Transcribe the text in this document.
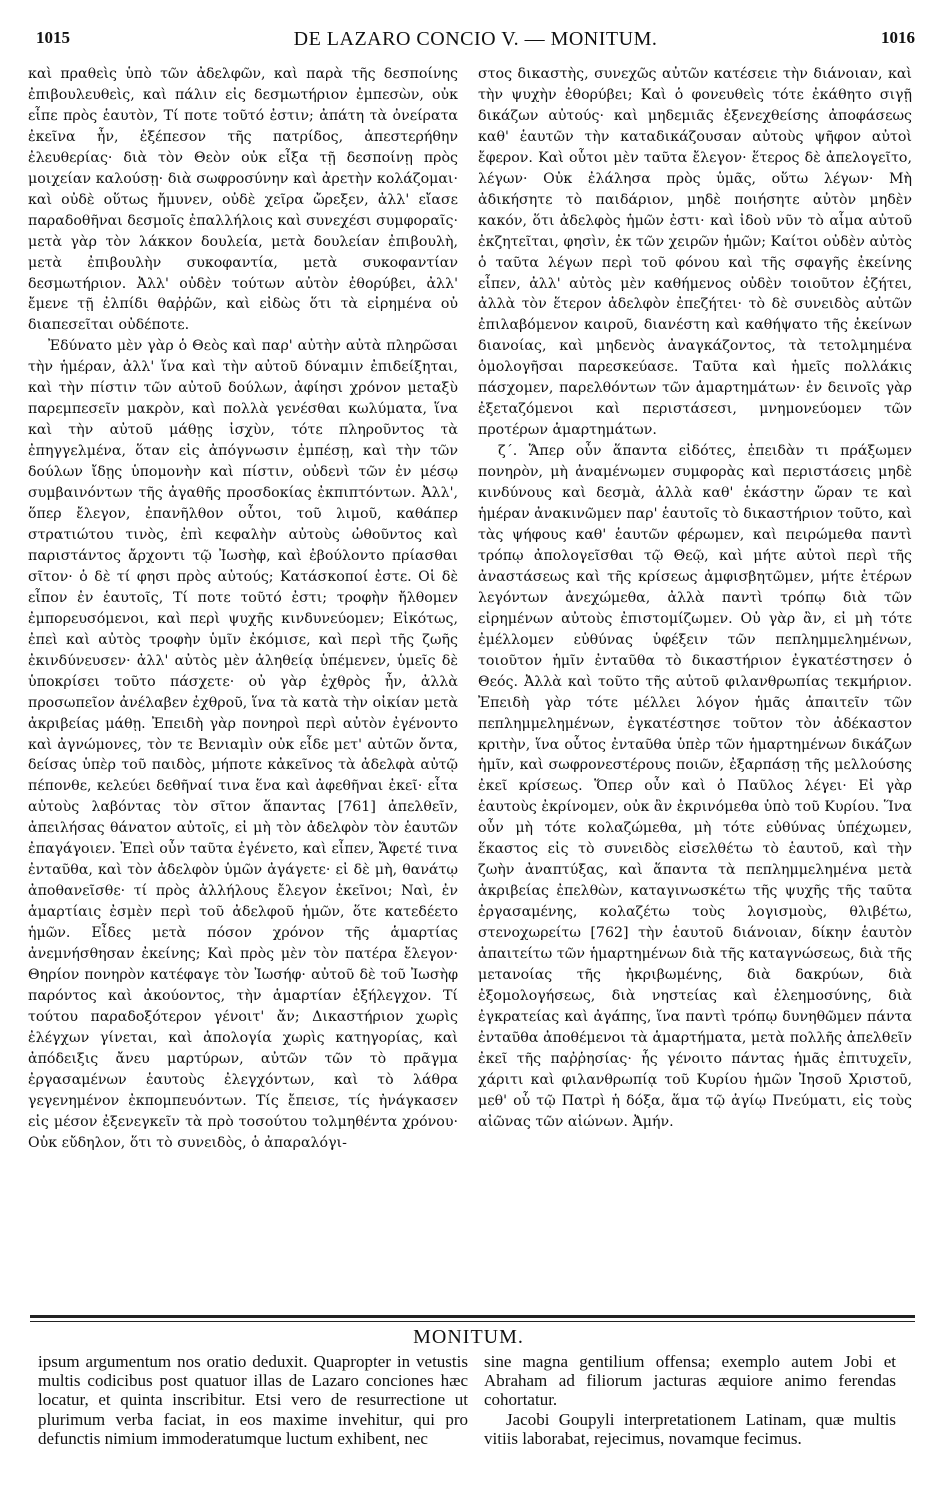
1015	DE LAZARO CONCIO V. — MONITUM.	1016

καὶ πραθεὶς ὑπὸ τῶν ἀδελφῶν, καὶ παρὰ τῆς δεσποίνης ἐπιβουλευθεὶς, καὶ πάλιν εἰς δεσμωτήριον ἐμπεσὼν, οὐκ εἶπε πρὸς ἑαυτὸν, Τί ποτε τοῦτό ἐστιν; ἀπάτη τὰ ὀνείρατα ἐκεῖνα ἦν, ἐξέπεσον τῆς πατρίδος, ἀπεστερήθην ἐλευθερίας· διὰ τὸν Θεὸν οὐκ εἶξα τῇ δεσποίνῃ πρὸς μοιχείαν καλούσῃ· διὰ σωφροσύνην καὶ ἀρετὴν κολάζομαι· καὶ οὐδὲ οὕτως ἤμυνεν, οὐδὲ χεῖρα ὤρεξεν, ἀλλ' εἴασε παραδοθῆναι δεσμοῖς ἐπαλλήλοις καὶ συνεχέσι συμφοραῖς· μετὰ γὰρ τὸν λάκκον δουλεία, μετὰ δουλείαν ἐπιβουλὴ, μετὰ ἐπιβουλὴν συκοφαντία, μετὰ συκοφαντίαν δεσμωτήριον. Ἀλλ' οὐδὲν τούτων αὐτὸν ἐθορύβει, ἀλλ' ἔμενε τῇ ἐλπίδι θαῤῥῶν, καὶ εἰδὼς ὅτι τὰ εἰρημένα οὐ διαπεσεῖται οὐδέποτε.

Ἐδύνατο μὲν γὰρ ὁ Θεὸς καὶ παρ' αὐτὴν αὐτὰ πληρῶσαι τὴν ἡμέραν, ἀλλ' ἵνα καὶ τὴν αὐτοῦ δύναμιν ἐπιδείξηται, καὶ τὴν πίστιν τῶν αὐτοῦ δούλων, ἀφίησι χρόνον μεταξὺ παρεμπεσεῖν μακρὸν, καὶ πολλὰ γενέσθαι κωλύματα, ἵνα καὶ τὴν αὐτοῦ μάθῃς ἰσχὺν, τότε πληροῦντος τὰ ἐπηγγελμένα, ὅταν εἰς ἀπόγνωσιν ἐμπέσῃ, καὶ τὴν τῶν δούλων ἴδῃς ὑπομονὴν καὶ πίστιν, οὐδενὶ τῶν ἐν μέσῳ συμβαινόντων τῆς ἀγαθῆς προσδοκίας ἐκπιπτόντων. Ἀλλ', ὅπερ ἔλεγον, ἐπανῆλθον οὗτοι, τοῦ λιμοῦ, καθάπερ στρατιώτου τινὸς, ἐπὶ κεφαλὴν αὐτοὺς ὠθοῦντος καὶ παριστάντος ἄρχοντι τῷ Ἰωσὴφ, καὶ ἐβούλοντο πρίασθαι σῖτον· ὁ δὲ τί φησι πρὸς αὐτούς; Κατάσκοποί ἐστε. Οἱ δὲ εἶπον ἐν ἑαυτοῖς, Τί ποτε τοῦτό ἐστι; τροφὴν ἤλθομεν ἐμπορευσόμενοι, καὶ περὶ ψυχῆς κινδυνεύομεν; Εἰκότως, ἐπεὶ καὶ αὐτὸς τροφὴν ὑμῖν ἐκόμισε, καὶ περὶ τῆς ζωῆς ἐκινδύνευσεν· ἀλλ' αὐτὸς μὲν ἀληθείᾳ ὑπέμενεν, ὑμεῖς δὲ ὑποκρίσει τοῦτο πάσχετε· οὐ γὰρ ἐχθρὸς ἦν, ἀλλὰ προσωπεῖον ἀνέλαβεν ἐχθροῦ, ἵνα τὰ κατὰ τὴν οἰκίαν μετὰ ἀκριβείας μάθῃ. Ἐπειδὴ γὰρ πονηροὶ περὶ αὐτὸν ἐγένοντο καὶ ἀγνώμονες, τὸν τε Βενιαμὶν οὐκ εἶδε μετ' αὐτῶν ὄντα, δείσας ὑπὲρ τοῦ παιδὸς, μήποτε κἀκεῖνος τὰ ἀδελφὰ αὐτῷ πέπονθε, κελεύει δεθῆναί τινα ἕνα καὶ ἀφεθῆναι ἐκεῖ· εἶτα αὐτοὺς λαβόντας τὸν σῖτον ἅπαντας [761] ἀπελθεῖν, ἀπειλήσας θάνατον αὐτοῖς, εἰ μὴ τὸν ἀδελφὸν τὸν ἑαυτῶν ἐπαγάγοιεν. Ἐπεὶ οὖν ταῦτα ἐγένετο, καὶ εἶπεν, Ἄφετέ τινα ἐνταῦθα, καὶ τὸν ἀδελφὸν ὑμῶν ἀγάγετε· εἰ δὲ μὴ, θανάτῳ ἀποθανεῖσθε· τί πρὸς ἀλλήλους ἔλεγον ἐκεῖνοι; Ναὶ, ἐν ἁμαρτίαις ἐσμὲν περὶ τοῦ ἀδελφοῦ ἡμῶν, ὅτε κατεδέετο ἡμῶν. Εἶδες μετὰ πόσον χρόνον τῆς ἁμαρτίας ἀνεμνήσθησαν ἐκείνης; Καὶ πρὸς μὲν τὸν πατέρα ἔλεγον· Θηρίον πονηρὸν κατέφαγε τὸν Ἰωσήφ· αὐτοῦ δὲ τοῦ Ἰωσὴφ παρόντος καὶ ἀκούοντος, τὴν ἁμαρτίαν ἐξήλεγχον. Τί τούτου παραδοξότερον γένοιτ' ἄν; Δικαστήριον χωρὶς ἐλέγχων γίνεται, καὶ ἀπολογία χωρὶς κατηγορίας, καὶ ἀπόδειξις ἄνευ μαρτύρων, αὐτῶν τῶν τὸ πρᾶγμα ἐργασαμένων ἑαυτοὺς ἐλεγχόντων, καὶ τὸ λάθρα γεγενημένον ἐκπομπευόντων. Τίς ἔπεισε, τίς ἠνάγκασεν εἰς μέσον ἐξενεγκεῖν τὰ πρὸ τοσούτου τολμηθέντα χρόνου· Οὐκ εὔδηλον, ὅτι τὸ συνειδὸς, ὁ ἀπαραλόγι-

στος δικαστὴς, συνεχῶς αὐτῶν κατέσειε τὴν διάνοιαν, καὶ τὴν ψυχὴν ἐθορύβει; Καὶ ὁ φονευθεὶς τότε ἐκάθητο σιγῇ δικάζων αὐτούς· καὶ μηδεμιᾶς ἐξενεχθείσης ἀποφάσεως καθ' ἑαυτῶν τὴν καταδικάζουσαν αὐτοὺς ψῆφον αὐτοὶ ἔφερον. Καὶ οὗτοι μὲν ταῦτα ἔλεγον· ἕτερος δὲ ἀπελογεῖτο, λέγων· Οὐκ ἐλάλησα πρὸς ὑμᾶς, οὕτω λέγων· Μὴ ἀδικήσητε τὸ παιδάριον, μηδὲ ποιήσητε αὐτὸν μηδὲν κακόν, ὅτι ἀδελφὸς ἡμῶν ἐστι· καὶ ἰδοὺ νῦν τὸ αἷμα αὐτοῦ ἐκζητεῖται, φησὶν, ἐκ τῶν χειρῶν ἡμῶν; Καίτοι οὐδὲν αὐτὸς ὁ ταῦτα λέγων περὶ τοῦ φόνου καὶ τῆς σφαγῆς ἐκείνης εἶπεν, ἀλλ' αὐτὸς μὲν καθήμενος οὐδὲν τοιοῦτον ἐζήτει, ἀλλὰ τὸν ἕτερον ἀδελφὸν ἐπεζήτει· τὸ δὲ συνειδὸς αὐτῶν ἐπιλαβόμενον καιροῦ, διανέστη καὶ καθήψατο τῆς ἐκείνων διανοίας, καὶ μηδενὸς ἀναγκάζοντος, τὰ τετολμημένα ὁμολογῆσαι παρεσκεύασε. Ταῦτα καὶ ἡμεῖς πολλάκις πάσχομεν, παρελθόντων τῶν ἁμαρτημάτων· ἐν δεινοῖς γὰρ ἐξεταζόμενοι καὶ περιστάσεσι, μνημονεύομεν τῶν προτέρων ἁμαρτημάτων.

ζ΄. Ἅπερ οὖν ἅπαντα εἰδότες, ἐπειδὰν τι πράξωμεν πονηρὸν, μὴ ἀναμένωμεν συμφορὰς καὶ περιστάσεις μηδὲ κινδύνους καὶ δεσμὰ, ἀλλὰ καθ' ἑκάστην ὥραν τε καὶ ἡμέραν ἀνακινῶμεν παρ' ἑαυτοῖς τὸ δικαστήριον τοῦτο, καὶ τὰς ψήφους καθ' ἑαυτῶν φέρωμεν, καὶ πειρώμεθα παντὶ τρόπῳ ἀπολογεῖσθαι τῷ Θεῷ, καὶ μήτε αὐτοὶ περὶ τῆς ἀναστάσεως καὶ τῆς κρίσεως ἀμφισβητῶμεν, μήτε ἑτέρων λεγόντων ἀνεχώμεθα, ἀλλὰ παντὶ τρόπῳ διὰ τῶν εἰρημένων αὐτοὺς ἐπιστομίζωμεν. Οὐ γὰρ ἂν, εἰ μὴ τότε ἐμέλλομεν εὐθύνας ὑφέξειν τῶν πεπλημμελημένων, τοιοῦτον ἡμῖν ἐνταῦθα τὸ δικαστήριον ἐγκατέστησεν ὁ Θεός. Ἀλλὰ καὶ τοῦτο τῆς αὐτοῦ φιλανθρωπίας τεκμήριον. Ἐπειδὴ γὰρ τότε μέλλει λόγον ἡμᾶς ἀπαιτεῖν τῶν πεπλημμελημένων, ἐγκατέστησε τοῦτον τὸν ἀδέκαστον κριτὴν, ἵνα οὗτος ἐνταῦθα ὑπὲρ τῶν ἡμαρτημένων δικάζων ἡμῖν, καὶ σωφρονεστέρους ποιῶν, ἐξαρπάσῃ τῆς μελλούσης ἐκεῖ κρίσεως. Ὅπερ οὖν καὶ ὁ Παῦλος λέγει· Εἰ γὰρ ἑαυτοὺς ἐκρίνομεν, οὐκ ἂν ἐκρινόμεθα ὑπὸ τοῦ Κυρίου. Ἵνα οὖν μὴ τότε κολαζώμεθα, μὴ τότε εὐθύνας ὑπέχωμεν, ἕκαστος εἰς τὸ συνειδὸς εἰσελθέτω τὸ ἑαυτοῦ, καὶ τὴν ζωὴν ἀναπτύξας, καὶ ἅπαντα τὰ πεπλημμελημένα μετὰ ἀκριβείας ἐπελθὼν, καταγινωσκέτω τῆς ψυχῆς τῆς ταῦτα ἐργασαμένης, κολαζέτω τοὺς λογισμοὺς, θλιβέτω, στενοχωρείτω [762] τὴν ἑαυτοῦ διάνοιαν, δίκην ἑαυτὸν ἀπαιτείτω τῶν ἡμαρτημένων διὰ τῆς καταγνώσεως, διὰ τῆς μετανοίας τῆς ἠκριβωμένης, διὰ δακρύων, διὰ ἐξομολογήσεως, διὰ νηστείας καὶ ἐλεημοσύνης, διὰ ἐγκρατείας καὶ ἀγάπης, ἵνα παντὶ τρόπῳ δυνηθῶμεν πάντα ἐνταῦθα ἀποθέμενοι τὰ ἁμαρτήματα, μετὰ πολλῆς ἀπελθεῖν ἐκεῖ τῆς παῤῥησίας· ἧς γένοιτο πάντας ἡμᾶς ἐπιτυχεῖν, χάριτι καὶ φιλανθρωπίᾳ τοῦ Κυρίου ἡμῶν Ἰησοῦ Χριστοῦ, μεθ' οὗ τῷ Πατρὶ ἡ δόξα, ἅμα τῷ ἁγίῳ Πνεύματι, εἰς τοὺς αἰῶνας τῶν αἰώνων. Ἀμήν.

MONITUM.

ipsum argumentum nos oratio deduxit. Quapropter in vetustis multis codicibus post quatuor illas de Lazaro conciones hæc locatur, et quinta inscribitur. Etsi vero de resurrectione ut plurimum verba faciat, in eos maxime invehitur, qui pro defunctis nimium immoderatumque luctum exhibent, nec

sine magna gentilium offensa; exemplo autem Jobi et Abraham ad filiorum jacturas æquiore animo ferendas cohortatur.

Jacobi Goupyli interpretationem Latinam, quæ multis vitiis laborabat, rejecimus, novamque fecimus.
